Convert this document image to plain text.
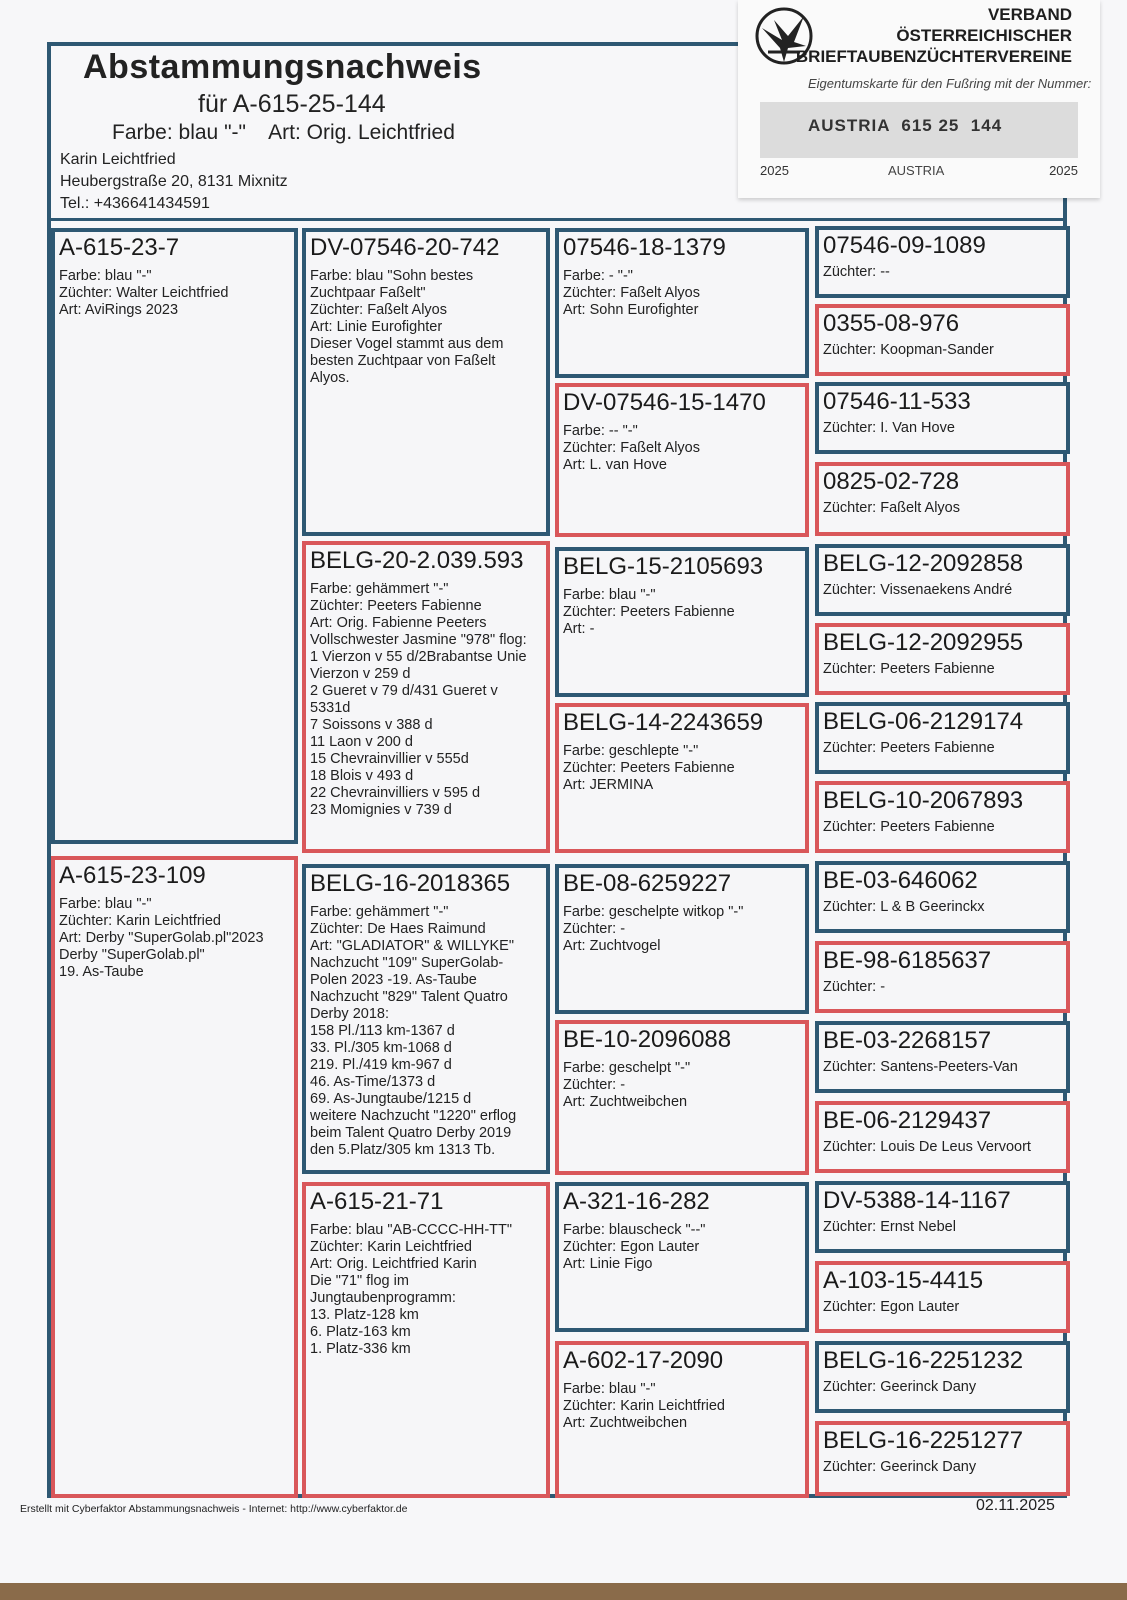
Abstammungsnachweis
für A-615-25-144
Farbe: blau "-"    Art: Orig. Leichtfried
Karin Leichtfried
Heubergstraße 20, 8131 Mixnitz
Tel.: +436641434591
VERBAND
ÖSTERREICHISCHER
BRIEFTAUBENZÜCHTERVEREINE
Eigentumskarte für den Fußring mit der Nummer:
AUSTRIA  615 25  144
2025	AUSTRIA	2025
A-615-23-7
Farbe: blau "-"
Züchter: Walter Leichtfried
Art: AviRings 2023
A-615-23-109
Farbe: blau "-"
Züchter: Karin Leichtfried
Art: Derby "SuperGolab.pl"2023
Derby "SuperGolab.pl"
19. As-Taube
DV-07546-20-742
Farbe: blau "Sohn bestes
Zuchtpaar Faßelt"
Züchter: Faßelt Alyos
Art: Linie Eurofighter
Dieser Vogel stammt aus dem
besten Zuchtpaar von Faßelt
Alyos.
BELG-20-2.039.593
Farbe: gehämmert "-"
Züchter: Peeters Fabienne
Art: Orig. Fabienne Peeters
Vollschwester Jasmine "978" flog:
1 Vierzon v 55 d/2Brabantse Unie
Vierzon v 259 d
2 Gueret v 79 d/431 Gueret v
5331d
7 Soissons v 388 d
11 Laon v 200 d
15 Chevrainvillier v 555d
18 Blois v 493 d
22 Chevrainvilliers v 595 d
23 Momignies v 739 d
BELG-16-2018365
Farbe: gehämmert "-"
Züchter: De Haes Raimund
Art: "GLADIATOR" & WILLYKE"
Nachzucht "109" SuperGolab-
Polen 2023 -19. As-Taube
Nachzucht "829" Talent Quatro
Derby 2018:
158 Pl./113 km-1367 d
33. Pl./305 km-1068 d
219. Pl./419 km-967 d
46. As-Time/1373 d
69. As-Jungtaube/1215 d
weitere Nachzucht "1220" erflog
beim Talent Quatro Derby 2019
den 5.Platz/305 km 1313 Tb.
A-615-21-71
Farbe: blau "AB-CCCC-HH-TT"
Züchter: Karin Leichtfried
Art: Orig. Leichtfried Karin
Die "71" flog im
Jungtaubenprogramm:
13. Platz-128 km
6. Platz-163 km
1. Platz-336 km
07546-18-1379
Farbe: - "-"
Züchter: Faßelt Alyos
Art: Sohn Eurofighter
DV-07546-15-1470
Farbe: -- "-"
Züchter: Faßelt Alyos
Art: L. van Hove
BELG-15-2105693
Farbe: blau "-"
Züchter: Peeters Fabienne
Art: -
BELG-14-2243659
Farbe: geschlepte "-"
Züchter: Peeters Fabienne
Art: JERMINA
BE-08-6259227
Farbe: geschelpte witkop "-"
Züchter: -
Art: Zuchtvogel
BE-10-2096088
Farbe: geschelpt "-"
Züchter: -
Art: Zuchtweibchen
A-321-16-282
Farbe: blauscheck "--"
Züchter: Egon Lauter
Art: Linie Figo
A-602-17-2090
Farbe: blau "-"
Züchter: Karin Leichtfried
Art: Zuchtweibchen
07546-09-1089
Züchter: --
0355-08-976
Züchter: Koopman-Sander
07546-11-533
Züchter: I. Van Hove
0825-02-728
Züchter: Faßelt Alyos
BELG-12-2092858
Züchter: Vissenaekens André
BELG-12-2092955
Züchter: Peeters Fabienne
BELG-06-2129174
Züchter: Peeters Fabienne
BELG-10-2067893
Züchter: Peeters Fabienne
BE-03-646062
Züchter: L & B Geerinckx
BE-98-6185637
Züchter: -
BE-03-2268157
Züchter: Santens-Peeters-Van
BE-06-2129437
Züchter: Louis De Leus Vervoort
DV-5388-14-1167
Züchter: Ernst Nebel
A-103-15-4415
Züchter: Egon Lauter
BELG-16-2251232
Züchter: Geerinck Dany
BELG-16-2251277
Züchter: Geerinck Dany
Erstellt mit Cyberfaktor Abstammungsnachweis - Internet: http://www.cyberfaktor.de	02.11.2025
